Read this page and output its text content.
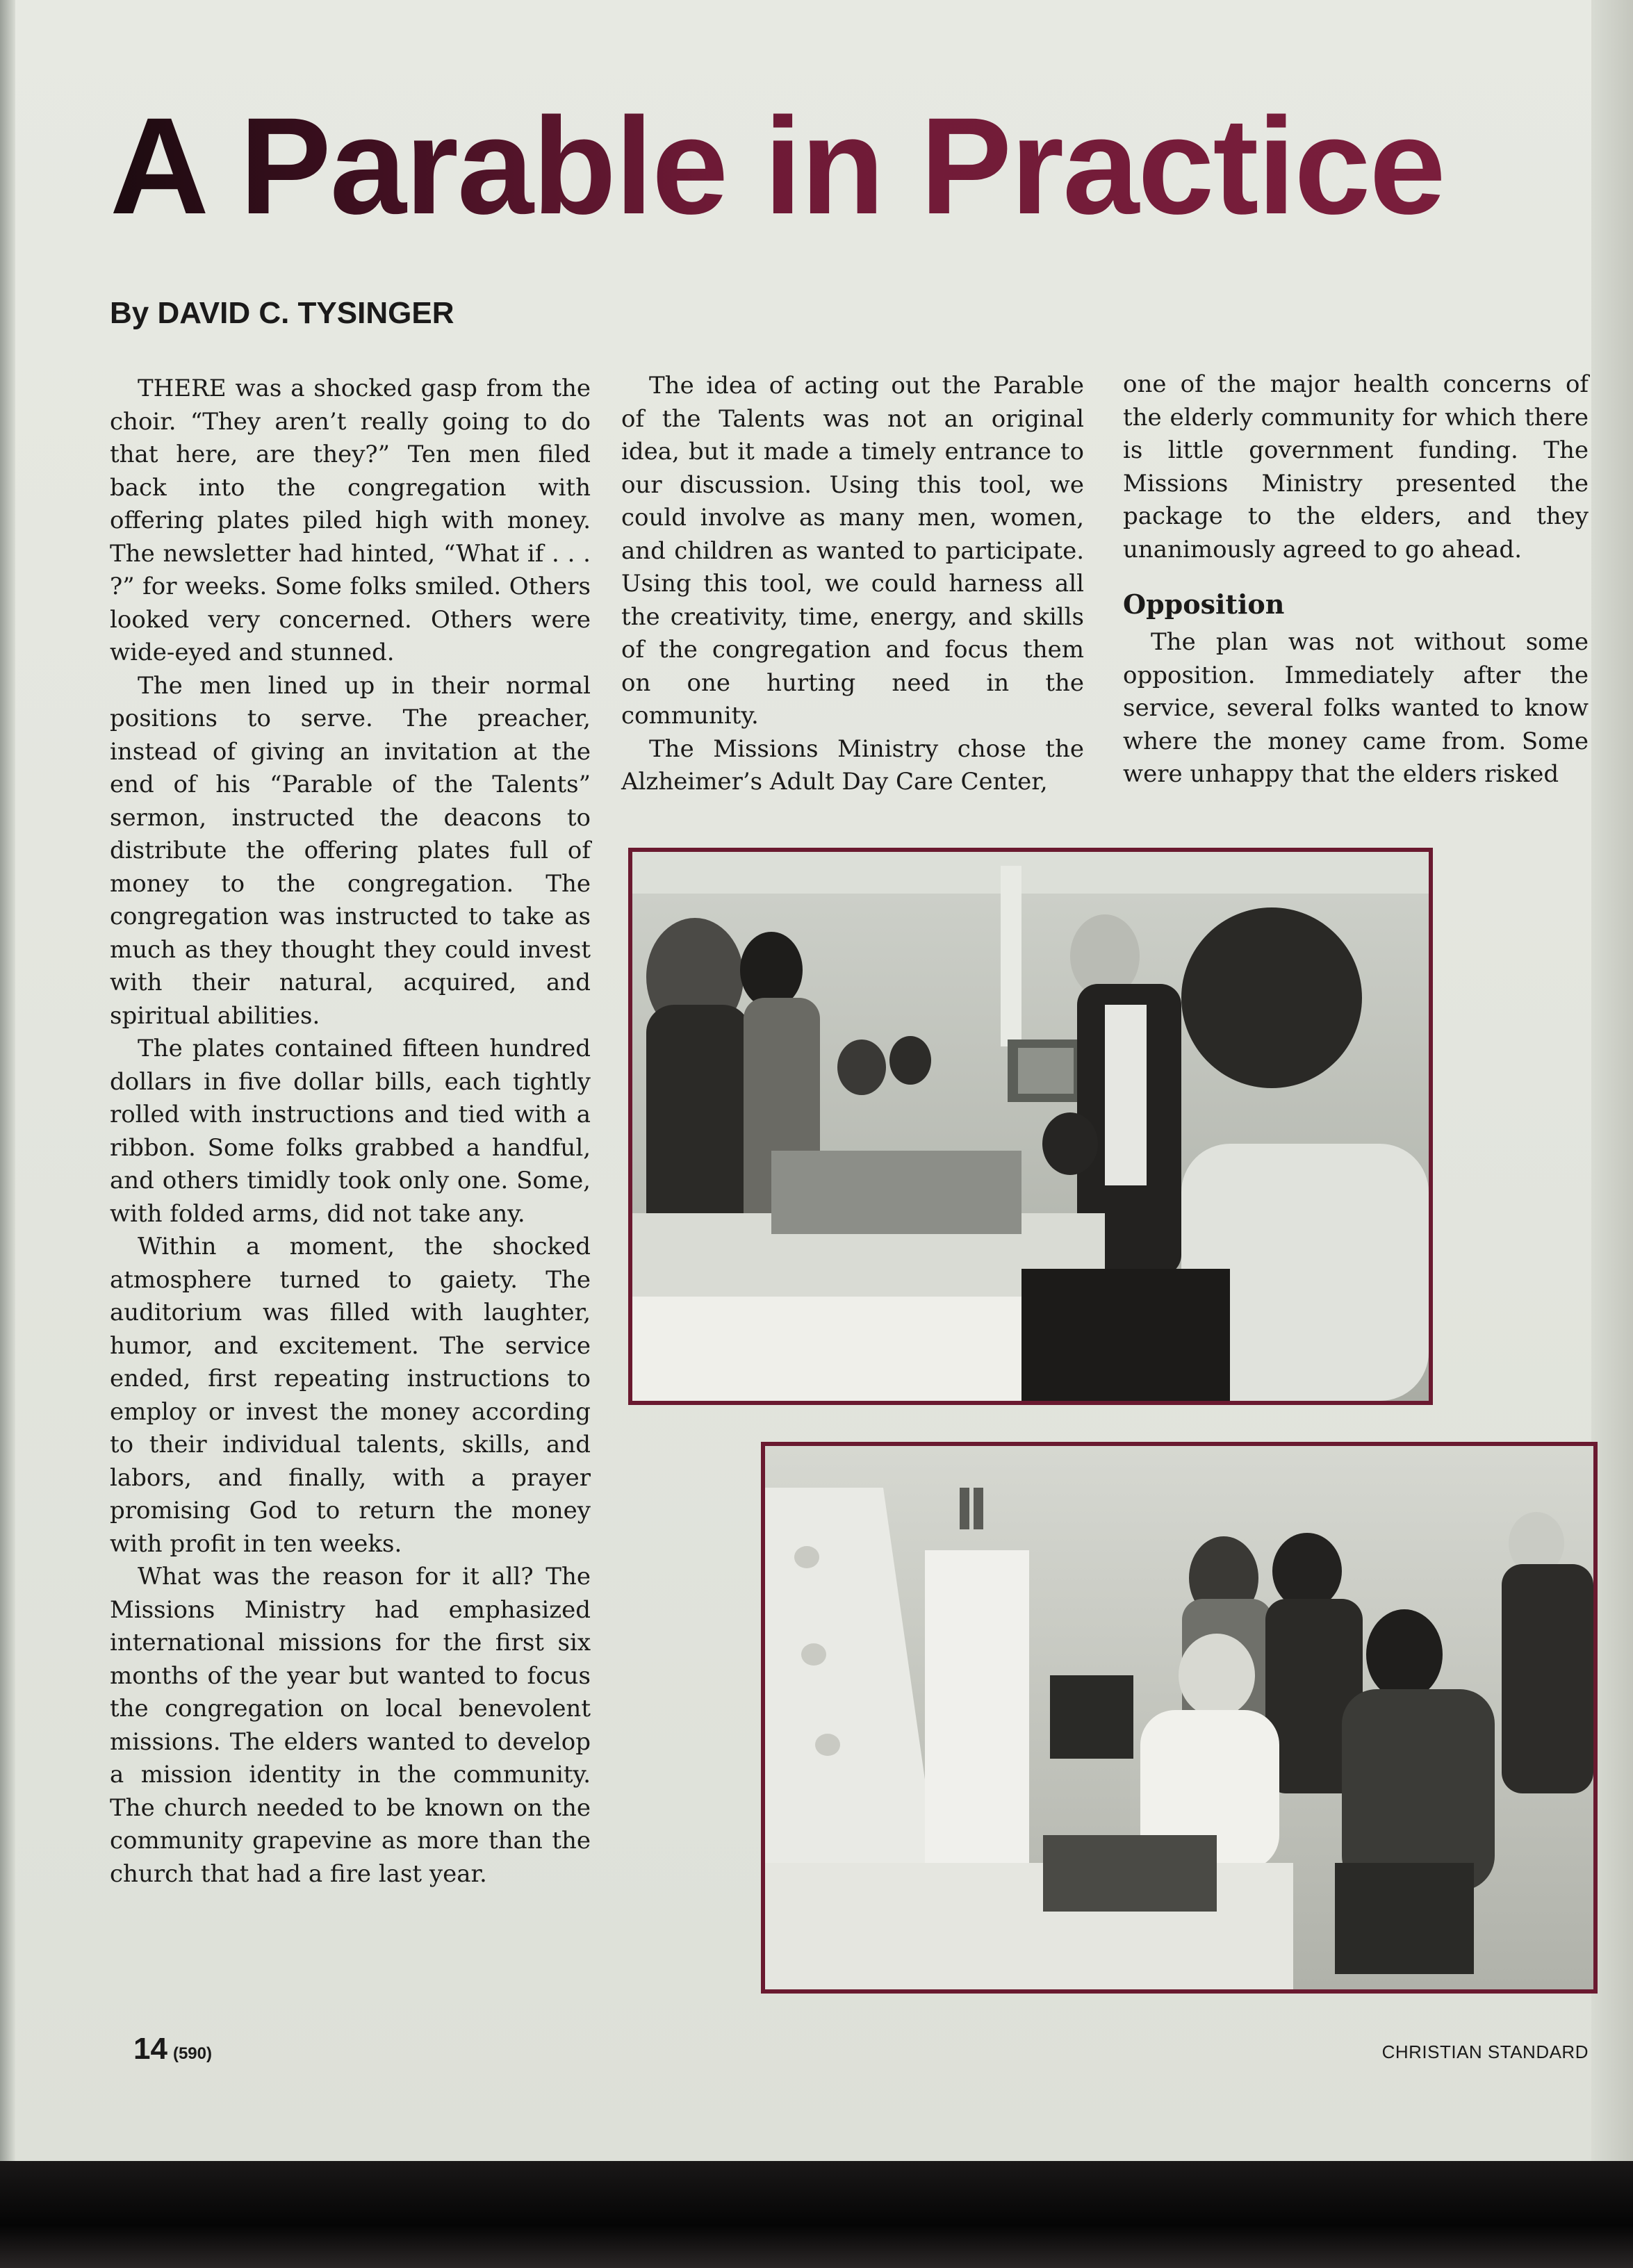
A Parable in Practice
By DAVID C. TYSINGER

THERE was a shocked gasp from the choir. “They aren’t really going to do that here, are they?” Ten men filed back into the congregation with offering plates piled high with money. The newsletter had hinted, “What if . . . ?” for weeks. Some folks smiled. Others looked very concerned. Others were wide-eyed and stunned.

The men lined up in their normal positions to serve. The preacher, instead of giving an invitation at the end of his “Parable of the Talents” sermon, instructed the deacons to distribute the offering plates full of money to the congregation. The congregation was instructed to take as much as they thought they could invest with their natural, acquired, and spiritual abilities.

The plates contained fifteen hundred dollars in five dollar bills, each tightly rolled with instructions and tied with a ribbon. Some folks grabbed a handful, and others timidly took only one. Some, with folded arms, did not take any.

Within a moment, the shocked atmosphere turned to gaiety. The auditorium was filled with laughter, humor, and excitement. The service ended, first repeating instructions to employ or invest the money according to their individual talents, skills, and labors, and finally, with a prayer promising God to return the money with profit in ten weeks.

What was the reason for it all? The Missions Ministry had emphasized international missions for the first six months of the year but wanted to focus the congregation on local benevolent missions. The elders wanted to develop a mission identity in the community. The church needed to be known on the community grapevine as more than the church that had a fire last year.

The idea of acting out the Parable of the Talents was not an original idea, but it made a timely entrance to our discussion. Using this tool, we could involve as many men, women, and children as wanted to participate. Using this tool, we could harness all the creativity, time, energy, and skills of the congregation and focus them on one hurting need in the community.

The Missions Ministry chose the Alzheimer’s Adult Day Care Center,

one of the major health concerns of the elderly community for which there is little government funding. The Missions Ministry presented the package to the elders, and they unanimously agreed to go ahead.

Opposition

The plan was not without some opposition. Immediately after the service, several folks wanted to know where the money came from. Some were unhappy that the elders risked

14 (590)	CHRISTIAN STANDARD
